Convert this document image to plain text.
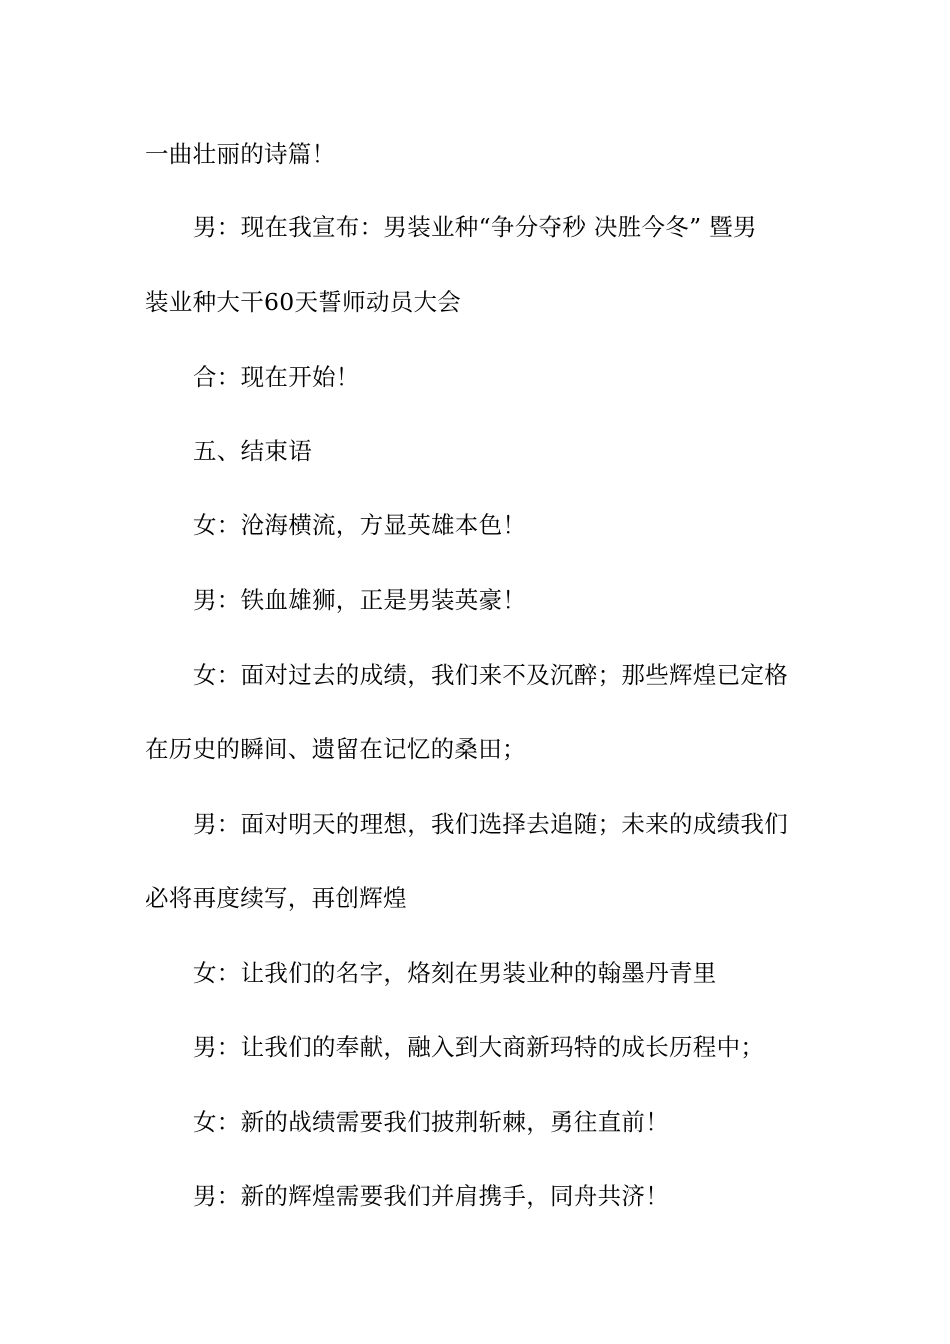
一曲壮丽的诗篇！
男：现在我宣布：男装业种“争分夺秒 决胜今冬” 暨男
装业种大干60天誓师动员大会
合：现在开始！
五、结束语
女：沧海横流，方显英雄本色！
男：铁血雄狮，正是男装英豪！
女：面对过去的成绩，我们来不及沉醉；那些辉煌已定格
在历史的瞬间、遗留在记忆的桑田；
男：面对明天的理想，我们选择去追随；未来的成绩我们
必将再度续写，再创辉煌
女：让我们的名字，烙刻在男装业种的翰墨丹青里
男：让我们的奉献，融入到大商新玛特的成长历程中；
女：新的战绩需要我们披荆斩棘，勇往直前！
男：新的辉煌需要我们并肩携手，同舟共济！
